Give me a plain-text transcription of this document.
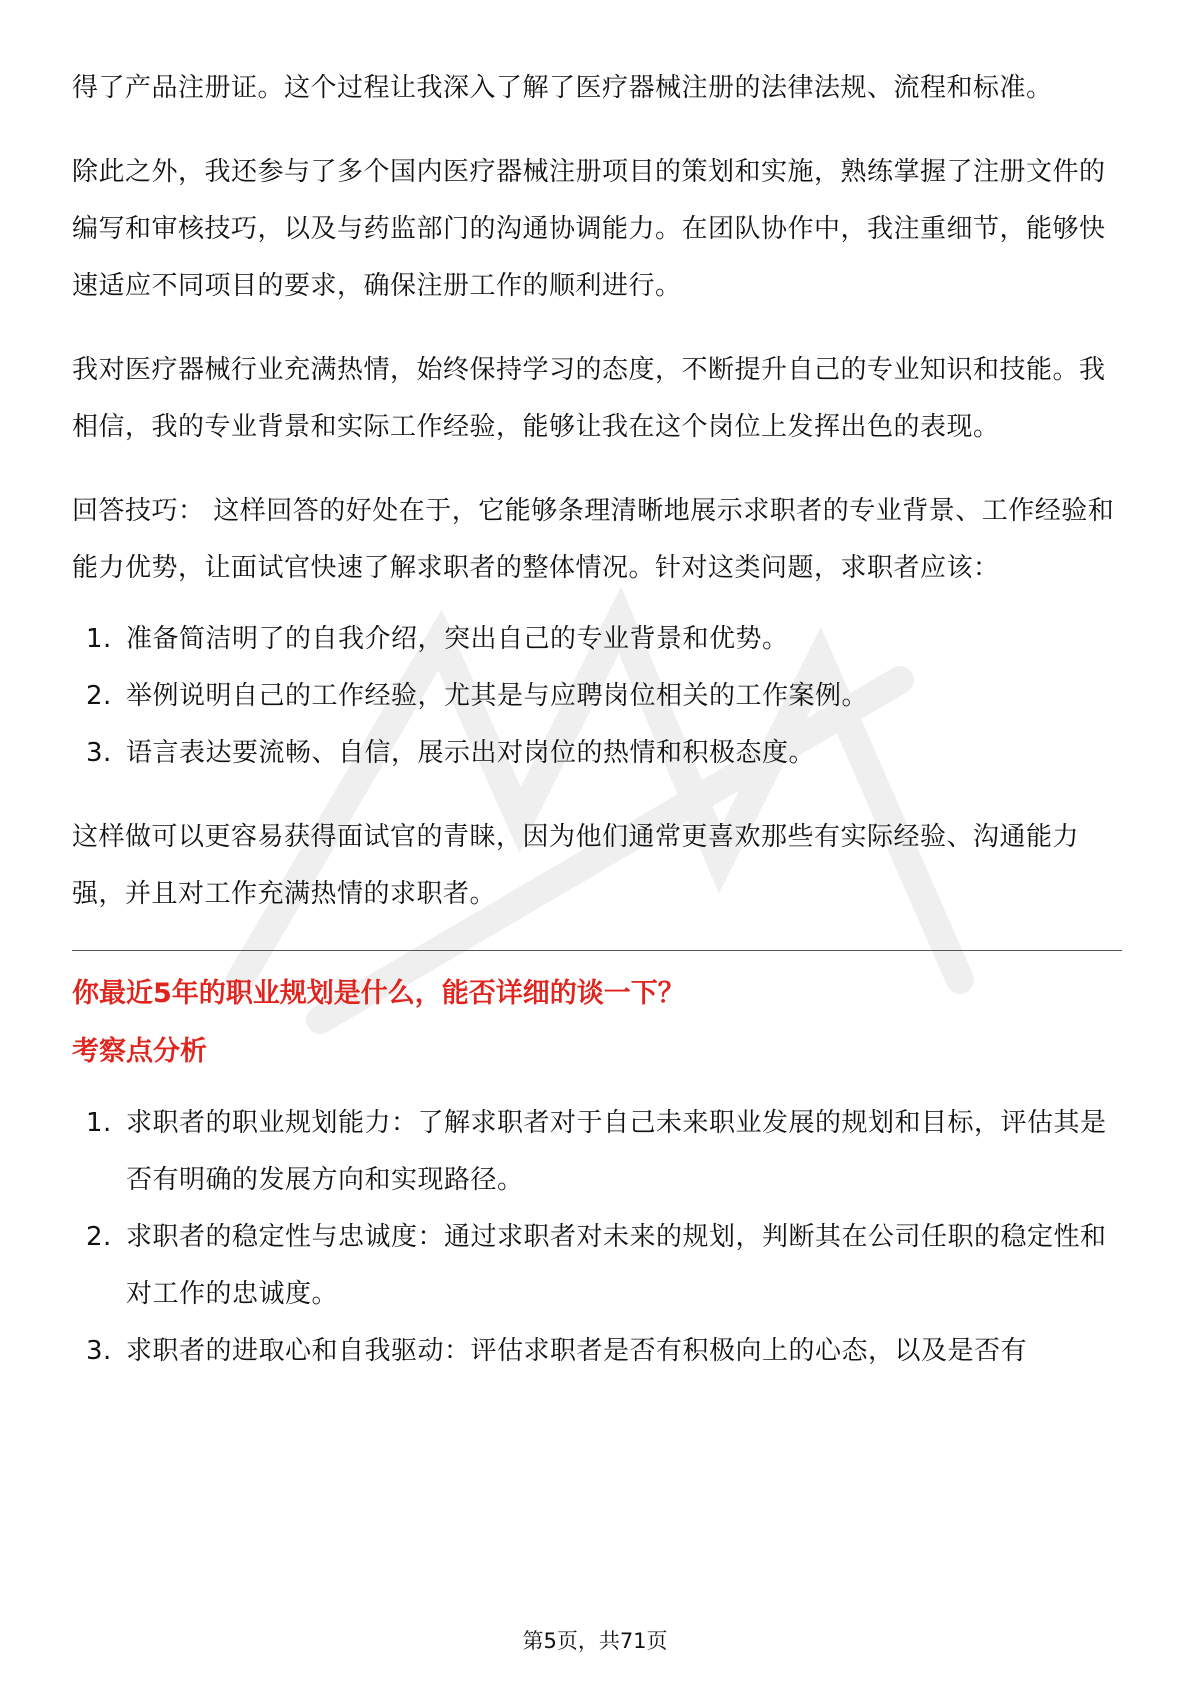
得了产品注册证。这个过程让我深入了解了医疗器械注册的法律法规、流程和标准。

除此之外，我还参与了多个国内医疗器械注册项目的策划和实施，熟练掌握了注册文件的编写和审核技巧，以及与药监部门的沟通协调能力。在团队协作中，我注重细节，能够快速适应不同项目的要求，确保注册工作的顺利进行。

我对医疗器械行业充满热情，始终保持学习的态度，不断提升自己的专业知识和技能。我相信，我的专业背景和实际工作经验，能够让我在这个岗位上发挥出色的表现。

回答技巧： 这样回答的好处在于，它能够条理清晰地展示求职者的专业背景、工作经验和能力优势，让面试官快速了解求职者的整体情况。针对这类问题，求职者应该：

1. 准备简洁明了的自我介绍，突出自己的专业背景和优势。
2. 举例说明自己的工作经验，尤其是与应聘岗位相关的工作案例。
3. 语言表达要流畅、自信，展示出对岗位的热情和积极态度。

这样做可以更容易获得面试官的青睐，因为他们通常更喜欢那些有实际经验、沟通能力强，并且对工作充满热情的求职者。

你最近5年的职业规划是什么，能否详细的谈一下？

考察点分析

1. 求职者的职业规划能力：了解求职者对于自己未来职业发展的规划和目标，评估其是否有明确的发展方向和实现路径。
2. 求职者的稳定性与忠诚度：通过求职者对未来的规划，判断其在公司任职的稳定性和对工作的忠诚度。
3. 求职者的进取心和自我驱动：评估求职者是否有积极向上的心态，以及是否有
第5页，共71页
